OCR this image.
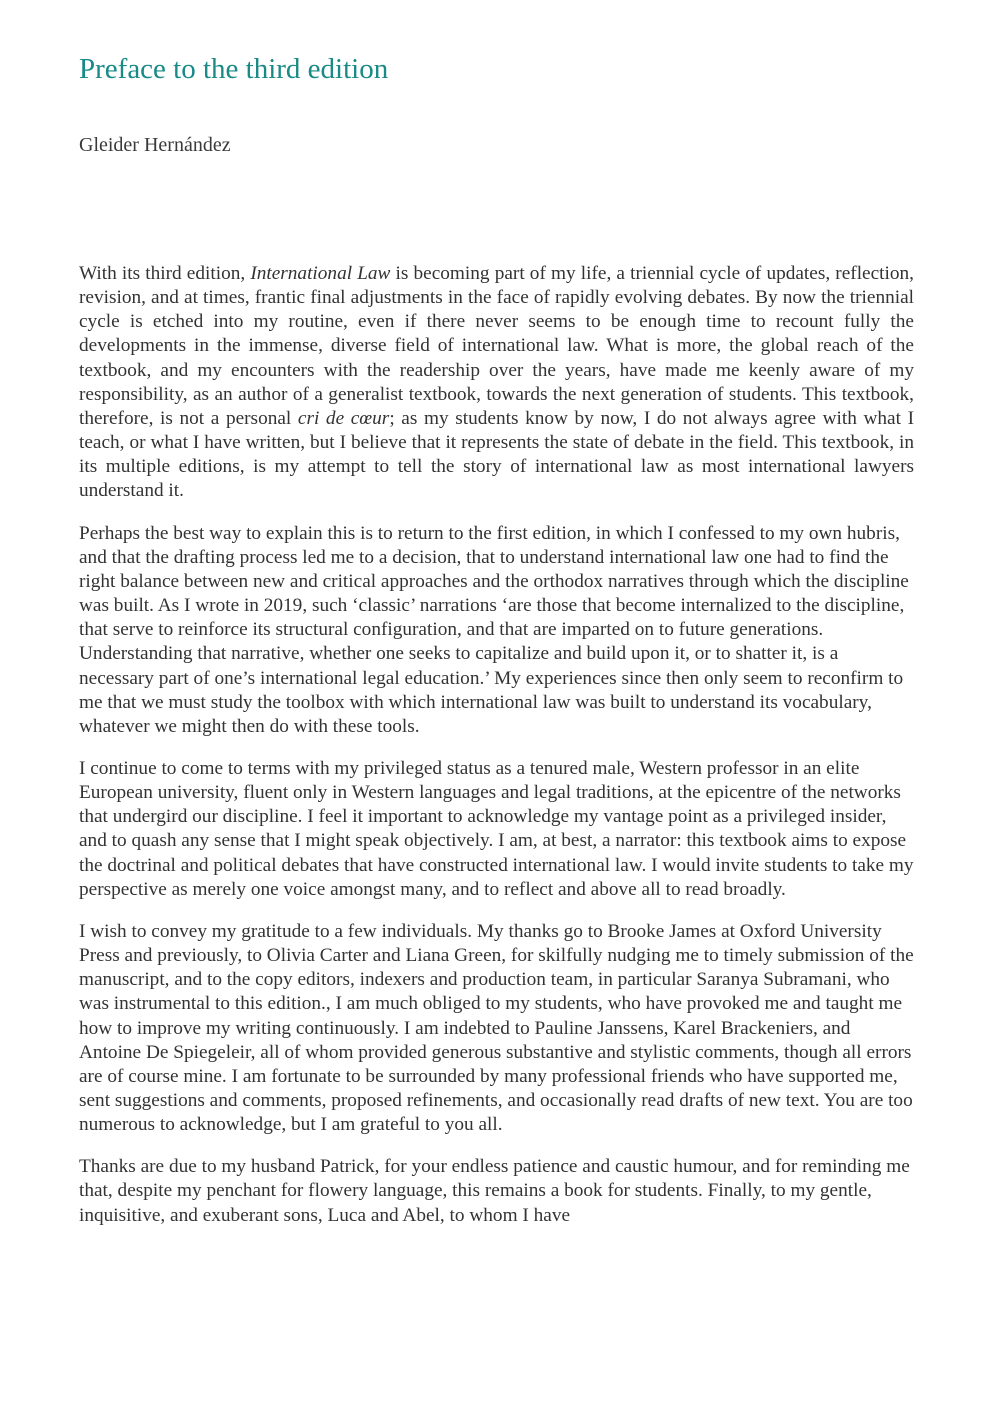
Preface to the third edition

Gleider Hernández

With its third edition, International Law is becoming part of my life, a triennial cycle of updates, reflection, revision, and at times, frantic final adjustments in the face of rapidly evolving debates. By now the triennial cycle is etched into my routine, even if there never seems to be enough time to recount fully the developments in the immense, diverse field of international law. What is more, the global reach of the textbook, and my encounters with the readership over the years, have made me keenly aware of my responsibility, as an author of a generalist textbook, towards the next generation of students. This textbook, therefore, is not a personal cri de cœur; as my students know by now, I do not always agree with what I teach, or what I have written, but I believe that it represents the state of debate in the field. This textbook, in its multiple editions, is my attempt to tell the story of international law as most international lawyers understand it.

Perhaps the best way to explain this is to return to the first edition, in which I confessed to my own hubris, and that the drafting process led me to a decision, that to understand international law one had to find the right balance between new and critical approaches and the orthodox narratives through which the discipline was built. As I wrote in 2019, such ‘classic’ narrations ‘are those that become internalized to the discipline, that serve to reinforce its structural configuration, and that are imparted on to future generations. Understanding that narrative, whether one seeks to capitalize and build upon it, or to shatter it, is a necessary part of one’s international legal education.’ My experiences since then only seem to reconfirm to me that we must study the toolbox with which international law was built to understand its vocabulary, whatever we might then do with these tools.

I continue to come to terms with my privileged status as a tenured male, Western professor in an elite European university, fluent only in Western languages and legal traditions, at the epicentre of the networks that undergird our discipline. I feel it important to acknowledge my vantage point as a privileged insider, and to quash any sense that I might speak objectively. I am, at best, a narrator: this textbook aims to expose the doctrinal and political debates that have constructed international law. I would invite students to take my perspective as merely one voice amongst many, and to reflect and above all to read broadly.

I wish to convey my gratitude to a few individuals. My thanks go to Brooke James at Oxford University Press and previously, to Olivia Carter and Liana Green, for skilfully nudging me to timely submission of the manuscript, and to the copy editors, indexers and production team, in particular Saranya Subramani, who was instrumental to this edition., I am much obliged to my students, who have provoked me and taught me how to improve my writing continuously. I am indebted to Pauline Janssens, Karel Brackeniers, and Antoine De Spiegeleir, all of whom provided generous substantive and stylistic comments, though all errors are of course mine. I am fortunate to be surrounded by many professional friends who have supported me, sent suggestions and comments, proposed refinements, and occasionally read drafts of new text. You are too numerous to acknowledge, but I am grateful to you all.

Thanks are due to my husband Patrick, for your endless patience and caustic humour, and for reminding me that, despite my penchant for flowery language, this remains a book for students. Finally, to my gentle, inquisitive, and exuberant sons, Luca and Abel, to whom I have
